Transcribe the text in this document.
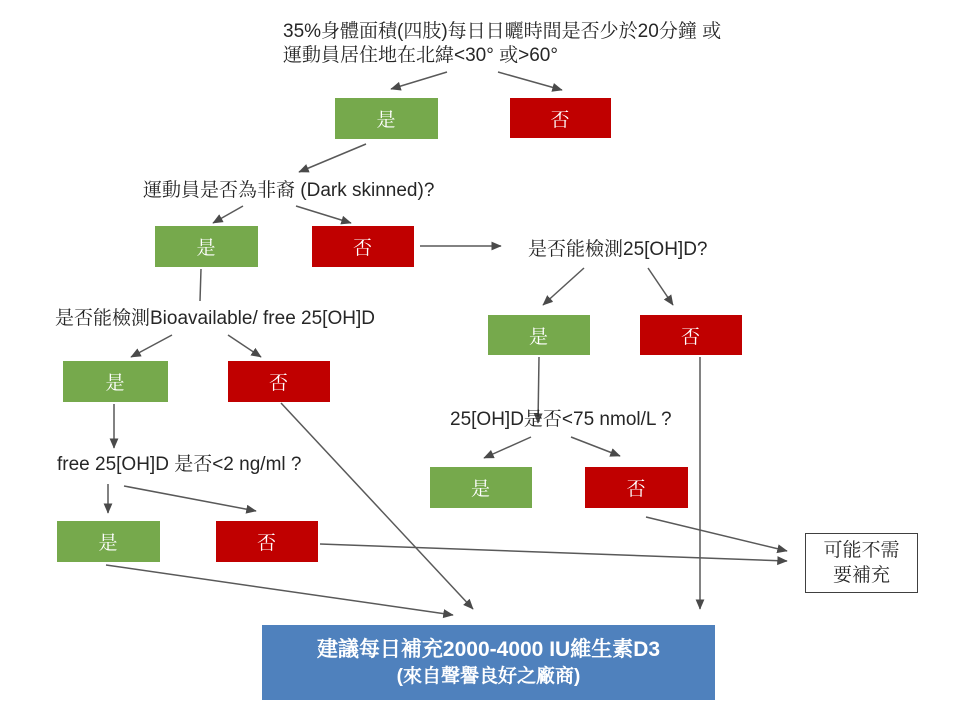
35%身體面積(四肢)每日日曬時間是否少於20分鐘 或
運動員居住地在北緯<30° 或>60°
是	否
運動員是否為非裔 (Dark skinned)?
是	否	是否能檢測25[OH]D?
是	否
是否能檢測Bioavailable/ free 25[OH]D
是	否
free 25[OH]D 是否<2 ng/ml ?
是	否
25[OH]D是否<75 nmol/L ?
是	否
可能不需
要補充
建議每日補充2000-4000 IU維生素D3
(來自聲譽良好之廠商)
